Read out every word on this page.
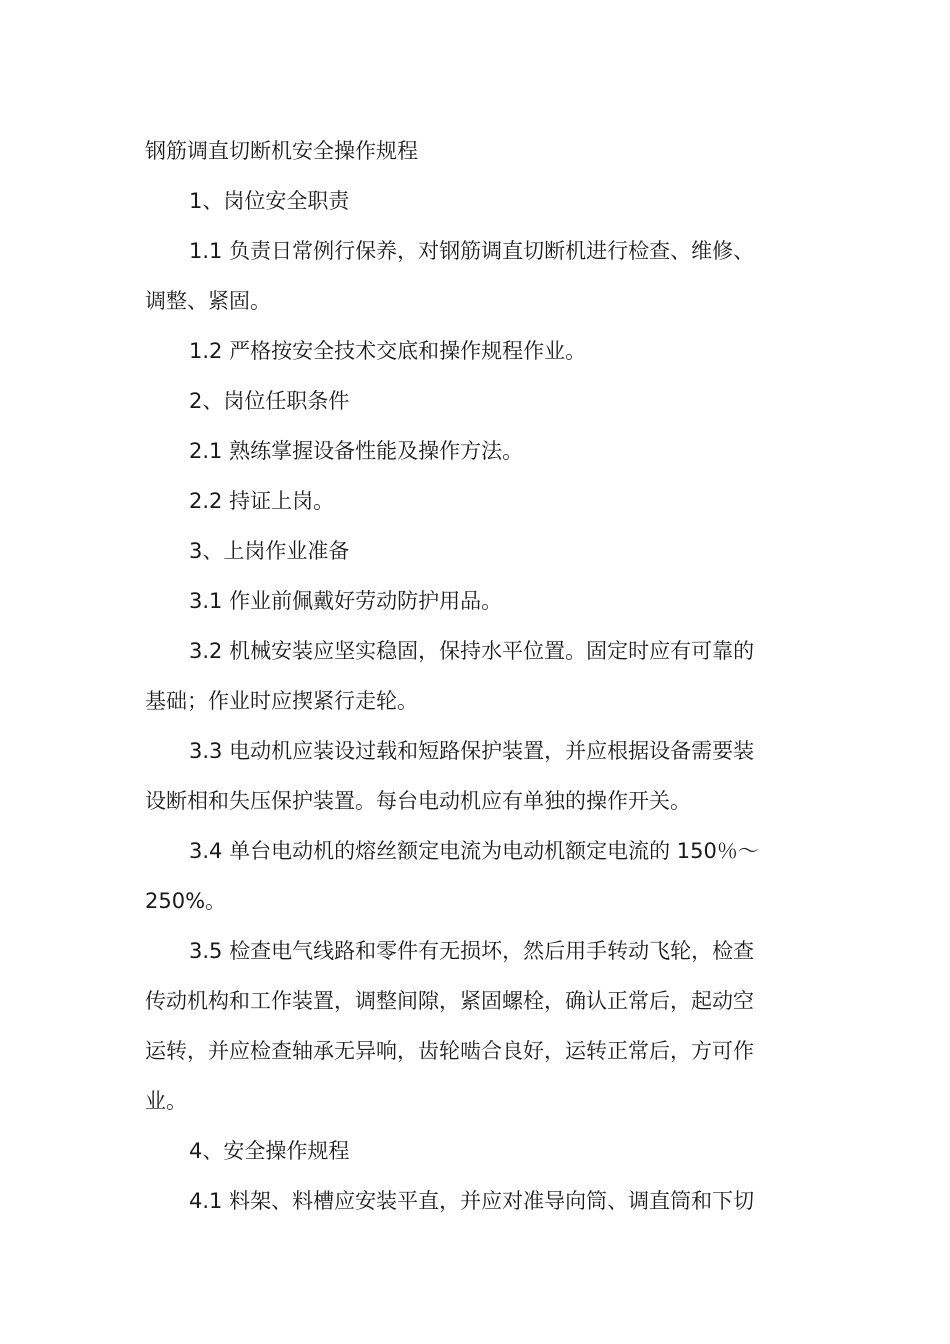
钢筋调直切断机安全操作规程
1、岗位安全职责
1.1 负责日常例行保养，对钢筋调直切断机进行检查、维修、
调整、紧固。
1.2 严格按安全技术交底和操作规程作业。
2、岗位任职条件
2.1 熟练掌握设备性能及操作方法。
2.2 持证上岗。
3、上岗作业准备
3.1 作业前佩戴好劳动防护用品。
3.2 机械安装应坚实稳固，保持水平位置。固定时应有可靠的
基础；作业时应揳紧行走轮。
3.3 电动机应装设过载和短路保护装置，并应根据设备需要装
设断相和失压保护装置。每台电动机应有单独的操作开关。
3.4 单台电动机的熔丝额定电流为电动机额定电流的 150％～
250%。
3.5 检查电气线路和零件有无损坏，然后用手转动飞轮，检查
传动机构和工作装置，调整间隙，紧固螺栓，确认正常后，起动空
运转，并应检查轴承无异响，齿轮啮合良好，运转正常后，方可作
业。
4、安全操作规程
4.1 料架、料槽应安装平直，并应对准导向筒、调直筒和下切
